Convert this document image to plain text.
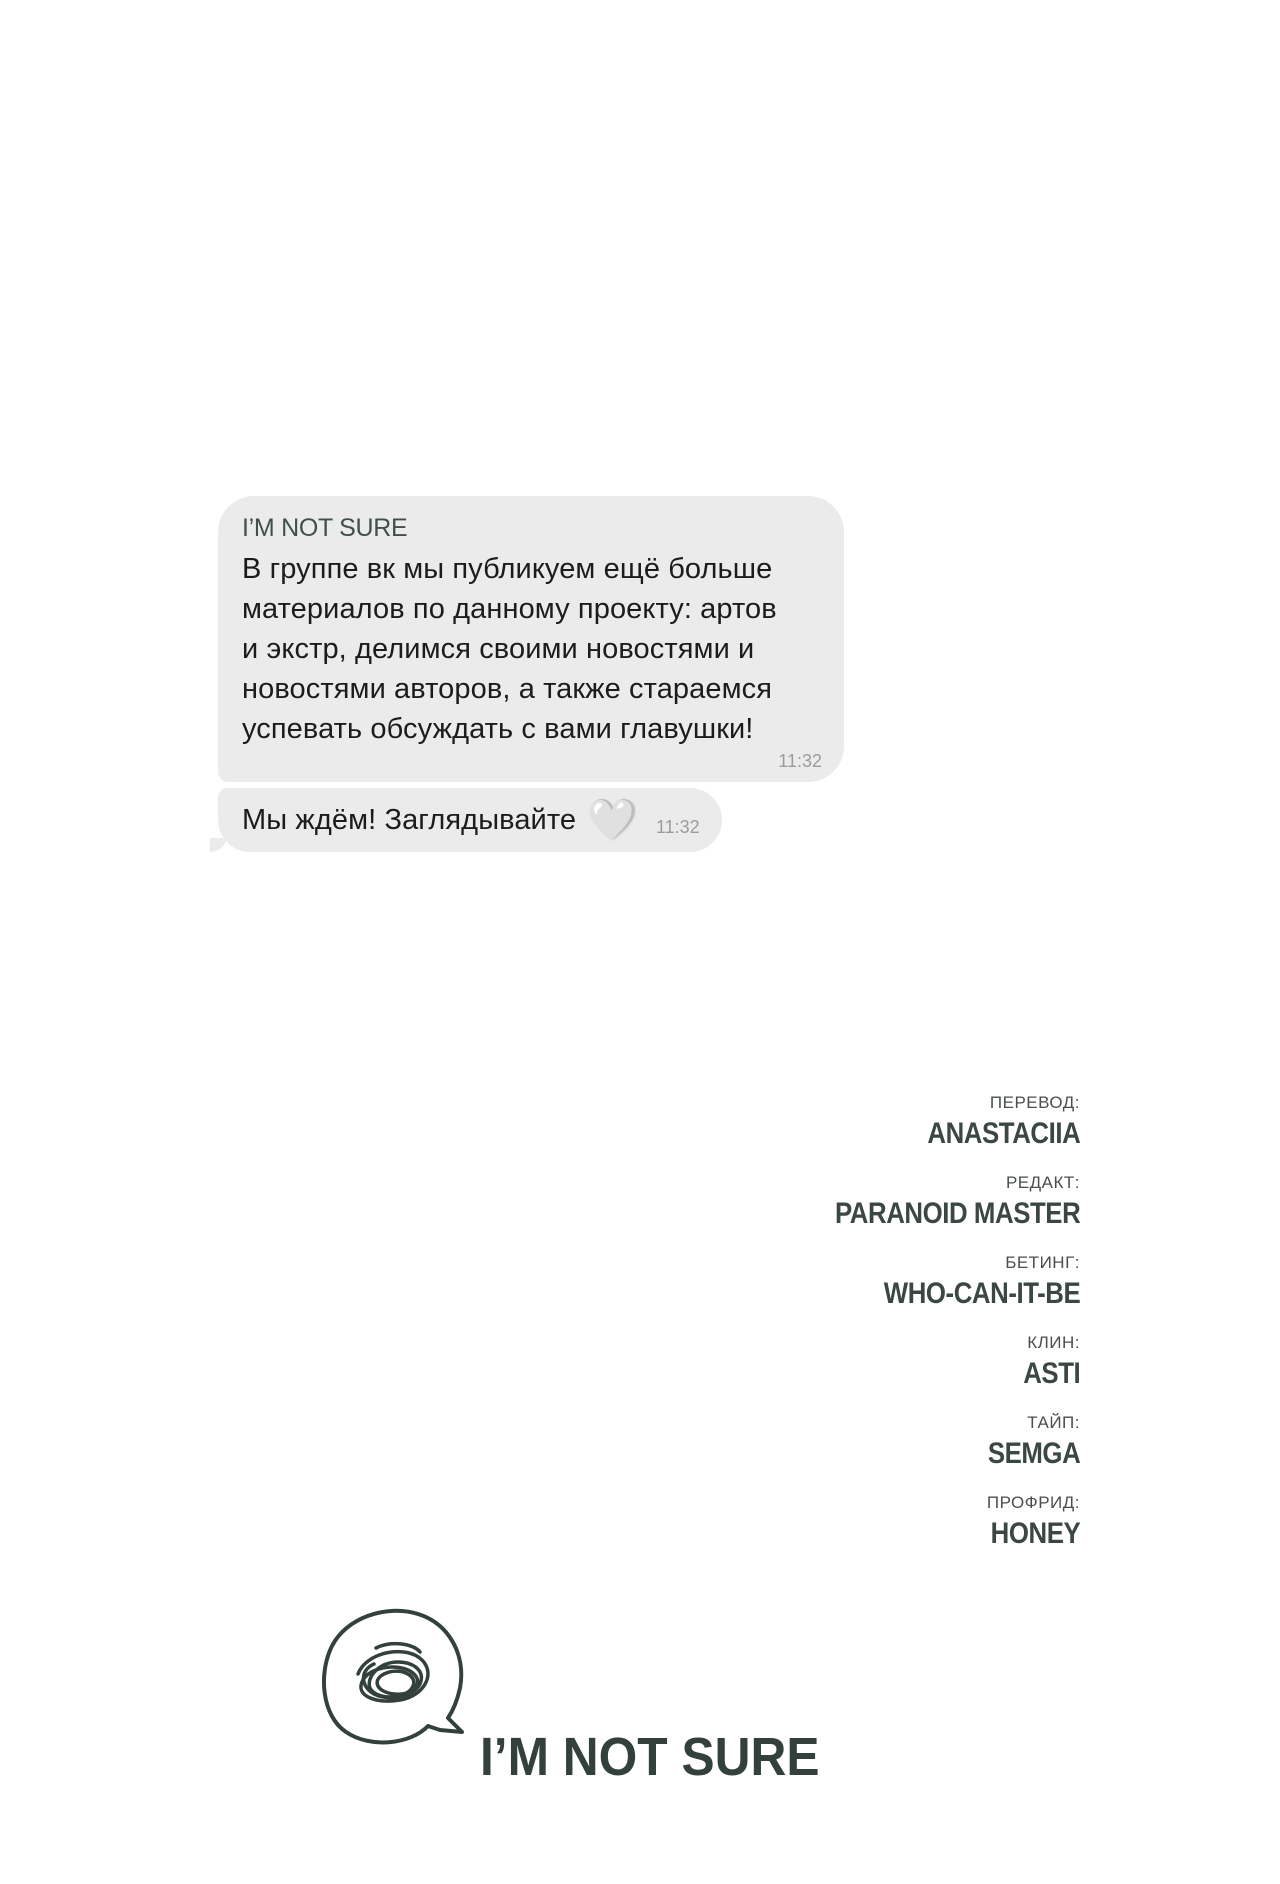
I’M NOT SURE
В группе вк мы публикуем ещё больше
материалов по данному проекту: артов
и экстр, делимся своими новостями и
новостями авторов, а также стараемся
успевать обсуждать с вами главушки!
11:32
Мы ждём! Заглядывайте 🤍 11:32
ПЕРЕВОД:
ANASTACIIA
РЕДАКТ:
PARANOID MASTER
БЕТИНГ:
WHO-CAN-IT-BE
КЛИН:
ASTI
ТАЙП:
SEMGA
ПРОФРИД:
HONEY
I’M NOT SURE
